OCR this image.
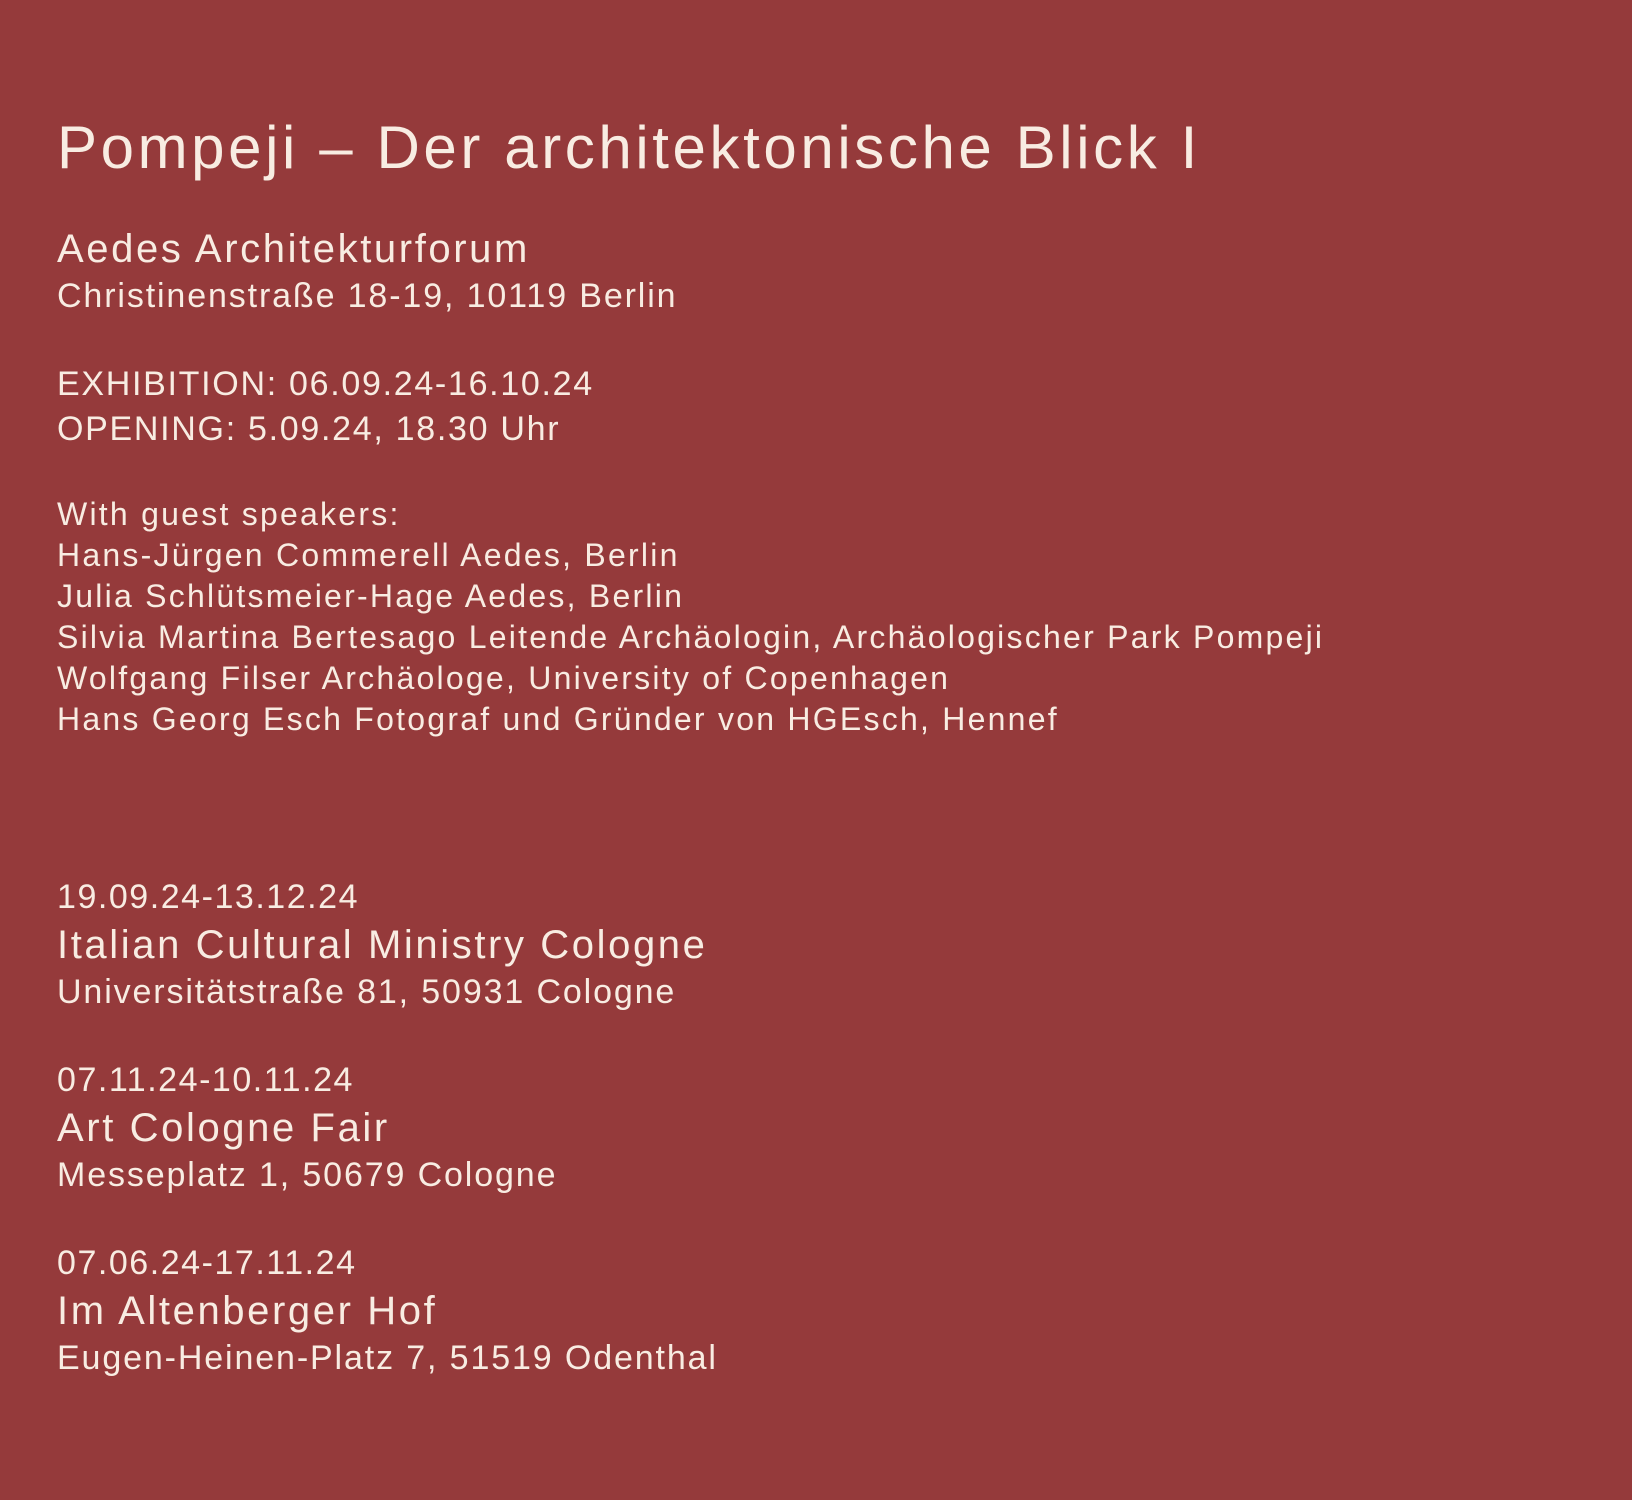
Pompeji – Der architektonische Blick I
Aedes Architekturforum
Christinenstraße 18-19, 10119 Berlin
EXHIBITION: 06.09.24-16.10.24
OPENING: 5.09.24, 18.30 Uhr
With guest speakers:
Hans-Jürgen Commerell Aedes, Berlin
Julia Schlütsmeier-Hage Aedes, Berlin
Silvia Martina Bertesago Leitende Archäologin, Archäologischer Park Pompeji
Wolfgang Filser Archäologe, University of Copenhagen
Hans Georg Esch Fotograf und Gründer von HGEsch, Hennef
19.09.24-13.12.24
Italian Cultural Ministry Cologne
Universitätstraße 81, 50931 Cologne
07.11.24-10.11.24
Art Cologne Fair
Messeplatz 1, 50679 Cologne
07.06.24-17.11.24
Im Altenberger Hof
Eugen-Heinen-Platz 7, 51519 Odenthal
